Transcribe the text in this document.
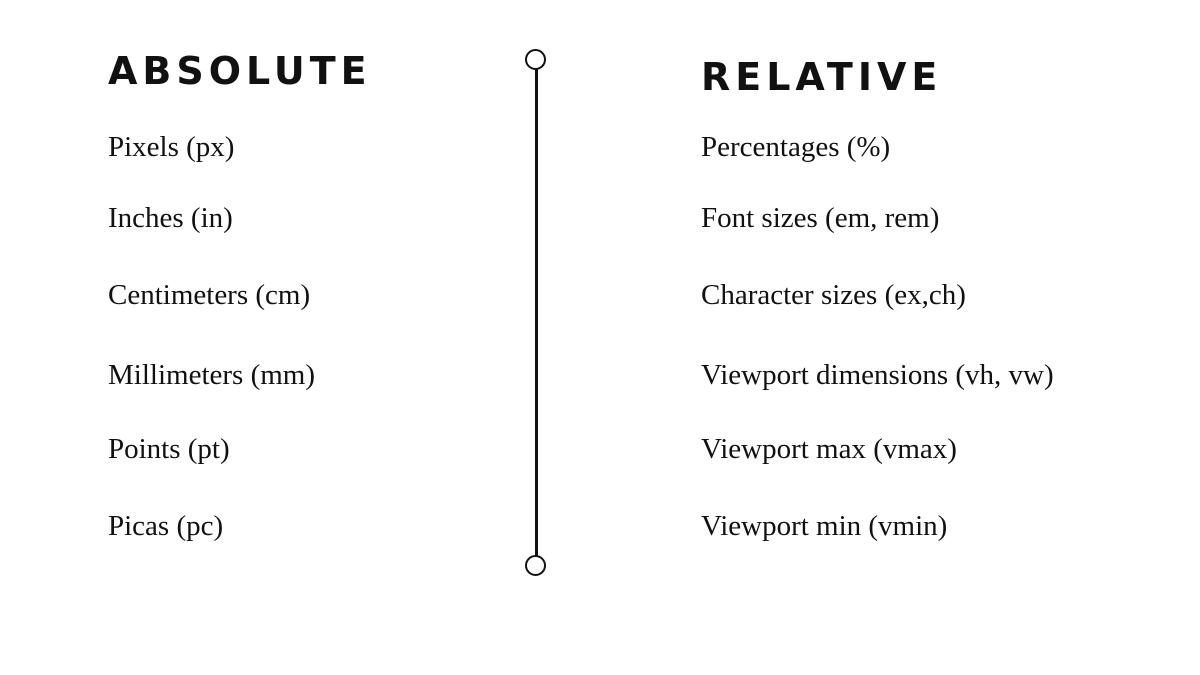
ABSOLUTE	RELATIVE
Pixels (px)
Inches (in)
Centimeters (cm)
Millimeters (mm)
Points (pt)
Picas (pc)
Percentages (%)
Font sizes (em, rem)
Character sizes (ex,ch)
Viewport dimensions (vh, vw)
Viewport max (vmax)
Viewport min (vmin)
